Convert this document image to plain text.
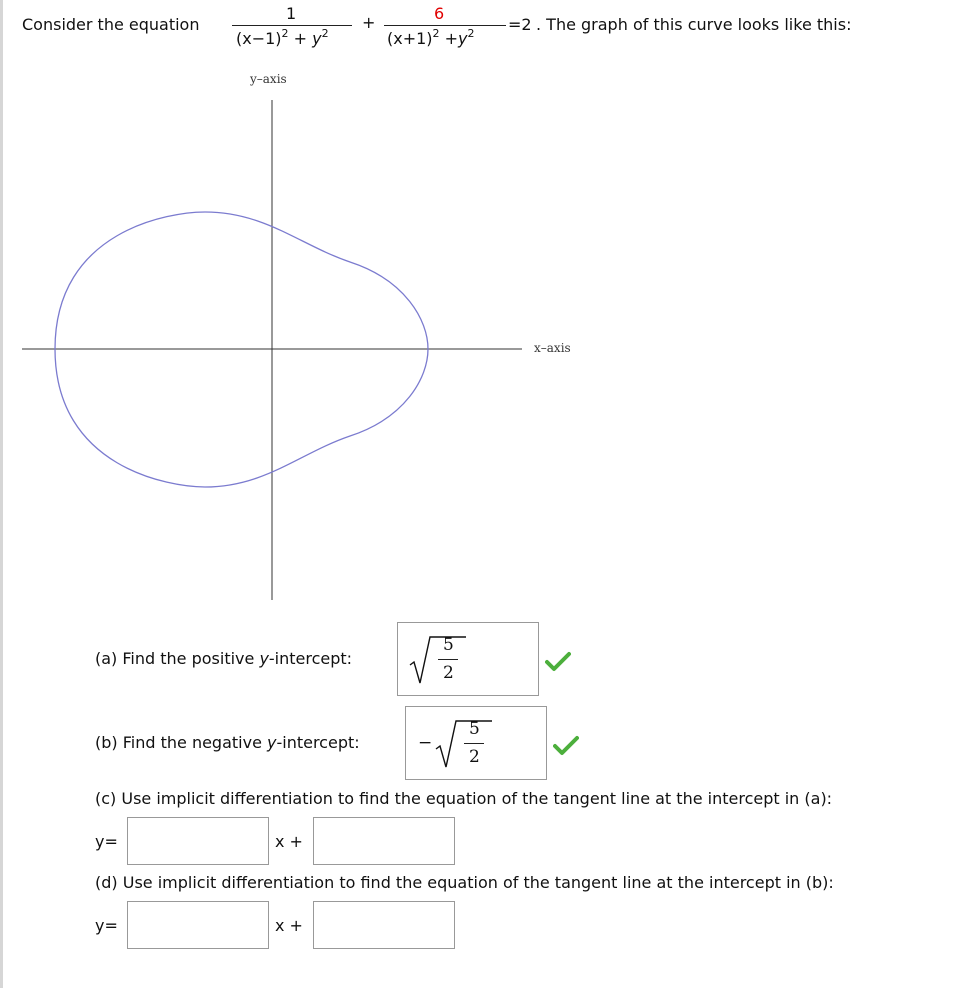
Consider the equation
1
$(x-1)^2 + y^2$
+	6
$(x+1)^2 +y^2 =2$ . The graph of this curve looks like this:
y–axis
x–axis
(a) Find the positive y-intercept:
5
2
(b) Find the negative y-intercept:	−
5
2
(c) Use implicit differentiation to find the equation of the tangent line at the intercept in (a):
y=	x +
(d) Use implicit differentiation to find the equation of the tangent line at the intercept in (b):
y=	x +
